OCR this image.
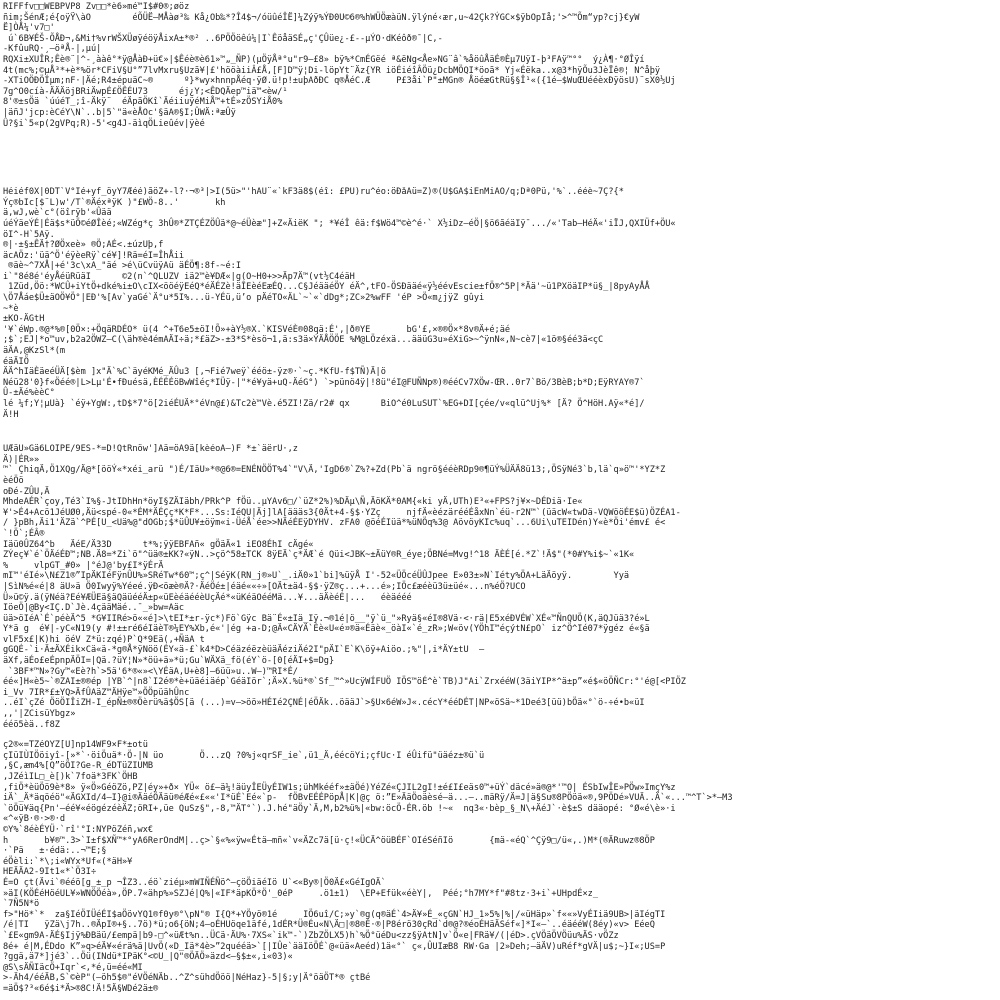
RIFFfv□□WEBPVP8 Zv□□*è6»mé™I$#0®;øöz
ñim;ŠénÆ;é{oÿŸ\àO        éÕÜË–MÅàø³‰ Kå¿Ob‰*?Î4$¬/óüûéÎË]¼Zýÿ%ÝÐ0U©6®%hWÜÖæàüN.ÿlýné‹ær,u~42Çk?ÝGC×$ÿbOpIå;'>^™Õm“yp?cj}€yW
Ë]ÒÅ¼'v7□'
ú`6B¥ÉŠ-ÕÅÐ¬,&Mi†%vrWŠXÜøÿéöÿÅixA±*®² ..6PÖÖöêú¼|I`ÊöåäSÉ„ç'ÇÛüe¿-£--µÝO·dKéôð®¯|C,-
-KfûuRQ·¸–öªÅ-|,µú|
RQXi±XUÎR;Êè®¨|^-¸ààê°*ÿ@ÅàÐ+ü€»|$Êéè®è61»™„_ÑP)(µÖÿÅª°u"r9–£8» bÿ%*CmÉGëé ª&ëNg<Åe»NG¨â`%åöûÅäÉ®Èµ7UÿI-þ³FAÿ™°°  ý¿À¶·°ØÎÿí
4t(mc%;©µÅ³*+è*%ör*CFiV§U°”7lvMxru§Uzã¥|£'hööàiiÂ£Å,[F]D™ÿ¦Di-löpYt¨Äz{YR iöÉiéîÂÖü¿DcbMÖQI*öoã* Yj«Éëka..x@3*hÿÕu3JèÏê®¦ N^åþÿ
-XTiOÖÐÖÍµm;nF·|Äé;R4±épuäC~®      º}*wy×hnnpÅéq·ÿØ.ü!p!±uþAðÐC q®ÅéC.Æ     P£3åi`P"±MGn® ÅöéæGtRü§§Î¹«({1é–$WuŒUééèxÐÿösU)¨sX0½Uj
7g^O0cíà-ÄÄÄöjBRiÄwpÉ£ÖÊÉU73      éj¿Y;<ÊDQÄep™iä™<èw/¹
8'®±sÖä `úúéT_;î-Äkÿ¨  éÄpãÖKî`ÄéiiuÿéMiÅ™+tÉ»zÖSYiÅ0%
|äñJ'jcp:èCéY\N`..b|5`"ä«èÅOc'§äA®§I;ÛWÄ:ªæÛÿ
Û?§i`5«p(2gVPq;R)-5'<g4J-äìqÖLieûév|ÿèé
Héiéf0X|0DT`V°Ié+yf_öyÝ7Æéé)ãöZ+-l?·¬®³|>I(5ü>"'hÄU¨«`kF3ä8$(éî: £PÛ)ru^éo:öÐåAü=Z)®(U$GA$iÉnMiÄÖ/q;Dª0Pü,'%`..ééè~7Ç?{*
Ýç®bIc[$¨L)w'/T`®ÄéxªÿK )"£WÖ-8..'       kh
ä,wJ,wè`c°(öîrÿb'«Ûää
úéÝäeÝÉ|Éä$s*üÖ©éØÎèé;«WZég*ç 3hÛ®*ZTÇÉZÖÛä*@~éÜèæ"]+Z«ÄiëK "; *¥éÎ êä:f$Wö4™©è^é·` X½iDz–éÖ|§ö6ãéäIÿ¯.../«'Tab–HéÄ«'iÏJ,QXIÜf+ÖU«
öI^-H`5Aÿ.
®|·±§±ÊÄ†?ØÖxeè» ®Ö;AÉ<.±úzUþ,f
äcAÖz:'üä^Ö'éÿèeRÿ`cé¥]!Rä=éI=ÎhÅii
®äè~^7XÅ|+é'3c\xA_"äé >é\üCvüÿAü äÉÖ¶:8f-~é:I
i`"8é8é'éyÅéüRüäI      ©2(n`^QLUZV iä2™è¥DÆ«|g(O~H0+>>Äp7Ä™(vt½C4éäH
1Züd,Öö:*WCÛ+iYtÖ+dké%i±O\cIX<ööéÿEéQ*éÄÉZè!äÎEèéEæÉQ...C§JéääéÖY éÄ^,tFO-ÖSÐääé«ÿ½éévEscie±fÖ®^5P|*Ää'~ü1PXöäIP*ü§_|8pyAyÅÅ
\Ö7Åáe$Ü±äOÖ¥Ö°|EÐ'%[Av`yaGé`Ä°u*5I%...ü-YÉü,ü’o pÄéTO«ÄL`~`«`dDg*;ZC»2%wFF 'éP >Ö«m¿jÿZ gûyi
~*è
±KO-ÄGtH
'¥`éWp.®@*%®[0Ö×:+ÖqäRDÉO* ü(4 ^+T6e5±öI!Õ»+àY½®X.`KISVéÈ®08qä:É',|ð®YE       bG'£,×®®Ö×*8v®Ä+é;äé
;$`;EJ|*o™uv,b2a2ÖWZ–C(\äh®è4émAÄI÷ä;*£äZ>-±3*S*èsö¬1,ä:s3ä×ÝÄÅÖÖE %M@LÖzéxä...ääüG3u»éXiG>~^ÿnN«,N~cè7|«1ö®§éé3ä<çC
äÄA,@KzSl*(m
éäÄIÖ
ÄÄ^hIäÈäeéÜÄ[$èm ]x"Ä`%C`äyéKMé_ÄÛu3 [,¬Fié7weÿ`ééö±-ÿz®·`~ç.*KfU-f$TÑ)Ä|ö
Néü28'0}f«Öéé®|L>Lµ'É•fÐuésä,ÈÉÉÉöBwWîéç*IÜÿ-|"*é¥yä+uQ-ÄéG°) `>pünö4ÿ|!8ü"éI@FUÑNp®)®ééCv7XÖw-ŒR..0r7`Bö/3BèB;b*D;EÿRYAY®7`
Û-±Äé%èèC°
lé ¼f;Y¦µUà} `éÿ+YgW:,tD$*7°ö[2iéÉUÄ*°éVn@£)&Tc2è™Vè.é5ZI!Zä/r2# qx      BiO^é0LuSUT`%EG+DI[çée/v«qlü^Uj%* [Ä? Ö^HöH.Aÿ«*é]/
Ä!H
UÆäÜ»Gä6LÖIPÈ/9ÉŠ-*=D!QtRnöw']Ää=öÄ9ä[kèéoÄ–)F *±`äërU·,z
Ä)|ÉR»»
™` ÇhiqÄ,Ö1XQg/Ä@*[ööÝ«*xéi_arü ")É/IäU»*®@6®=ENÉNÖÖT%4`"V\Ä,'IgD6®`Z%?+Zd(Pb`ä ngrö§ééèRDp9®¶üÝ%ÜÄÄ8ü13;,ÖSÿNé3`b,lä`q»ö™'*YZ*Z
èéÖö
oÐé-ZÛU,Ä
MhdeAÉR`çoy,Té3`I%§-JtIDhHn*öyI§ZÄIäbh/PRk^P fÖü..µYAv6□/`üZ*2%)%DÄµ\Ñ,ÄöKÄ*0AM{«ki yÄ,UTh)E³«+FPS?j¥×~DÉDiä·Ie«
¥'>É4+Acö1JéUØ0,Äü<spé-0«*ÉM*ÄÉÇç*K*F*...Ss:IéQU|Äj]lA[äääs3{0Ät+4-§$·YZç     njfÄ«èézärééÉåxNn`éü-r2N™`(üäcW«twDä-VQWööÉE$ü)ÖZÉA1-
/ }pBh,Äi1'ÄZä`^PÉ[U_<Uä%@"dOGb;$*üÛU¥±öÿm«i-ÜéÅ`ée>>NÄéÉEÿDYHV. zFA0 @öéÉIüä*%üNÖq%3@ AövöyKIc%uq`...6Ui\uTEIDén)Y«è*Öi'émv£ é<
`!Ö`;ÉÂ®
Iäü0ÛZ64^b   ÄéE/Ä33D      t*%;ÿÿEBFAñ« gÖäÄ«1 iEO8ÉhI cÄgé«
ZÝeç¥`é`ÖÄéÉÐ™;NB.Ä8=*Zi`ö"^üä®±KK?«ÿN..>çö^58±TCK 8ÿEÄ`ç*ÄÆ`é Qüi<JBK~±ÄüY®R_éye;ÖBNé=Mvg!^18 ÄÈÉ[é.*Z`!Ä$"(*0#Y%i$~`«1K«
%     vlpGT_#0» |°éJ@'by£I*ÿÉrÄ
mI™'éIé»\N£Z1®”IpÄKIéFÿnÛU%»SRéTw*60™;ç^|SéÿK(RN_j®»U`_.iÄ0»1`bi]%üÿÅ I'-52«ÜÖcéÜÛJpee E»03±»N`Iéty%ÖA+LäÄöyÿ.        Yyä
|SìN%é«é|8 äU»ä Ö0Iwyÿ%Yéeé.ÿÐ<öæè®Ä?·ÄéÖé±|éäé««÷»[OÄt±ä4-§$·ÿZ®ç...+...é»;IÖc£æéèü3ü±üé«...n%éÖ?UCO
Ü»ü©ÿ.ä(ÿNéä?Eé¥ÆÜEä§äQäüééÄ±p«üEèéäééèUçÄé*«üKéäOééMä...¥...äÄèéÉ|...   éèäééé
IöeÖ|@By<IÇ.D`Jè.4çääMäé..¯_»bw=Aäc
üä>öIéA`É`péèÄ^5 *G¥IIRé>ö««é]>\tEI*±r-ÿc*)Fö`Gÿc Bä¨É«±Iä_Iÿ.¬®1é|ö__"ÿ`ü_"»Ryä§«éI®8Vä·<·rä|E5xéÐVÉW`XÉ«™ÑnQUÖ(K,äQJüä3?é»L
Y*ä g  é¥|-yC«N19(y #!±±ré6éIäèT®¼EY%Xb,é«'|ég +a-D;@Ä«CÄYÄ`Éè«U«é¤®ä«Éäè«_öàI«`é_zR»;W«öv(YÖhI™éçýtN£pO` iz^Ö^Ié07*ÿgéz é«§ä
vlF5x£|K)hi öéV Z*ü:zqé)P`Q*9Eä(,+ÑäA t
gGQÉ-`i·Ä±ÄXÉik×Cä«ä-*g®Å*ÿNöö(ÉY«ä-£`k4*D>CéäzéëzèüäÄéziÄé2I"pÄI`E`K\öÿ+Aiöo.;%"|,i*ÄY±tU  –
äXf,äÉo£eÉpnpÄÖI=|Qä.?üY¦N»*öü+ä»*ü;Gu`WÄXä_fö(éY`ö-[0[éÄI+$=Dg}
`3BF*™N»?Gy™«Eè?h`>5ä'6*®«»<\YÉäA,U+è8]–6üü»u..W–)™RI*É/
éé«]H«è5~`®ZAI±®®ép |YB`^|n8`I2é®*è+üäéiäép`GéäIör`;Ä»X.%ü*®`Sf_™^»UcÿWÍFUÖ IÖS™öÉ^è`TB)J"Ai`ZrxééW(3äiYIP*^ä±p”«é$«öÖÑCr:°'é@[<PIÖZ
i_Vv 7IR*£±YQ>ÄfÛAäZ™ÄHÿe™»ÕÖpüähÛnc
..éI`çZé ÖöÖIÎiZH-I_épÑ±®®Öèrü%ä$ÖS[ä (...)=v–>öö»HÉIé2ÇNÉ|éÖÄk..öääJ`>§U×6éW»J«.cécY*ééDÉT|NP«öSä~*1Deé3[üü)bÖä«°`ö-÷é•b«üI
,,'|ZCisüYbgz»
ééö5èä..f8Z
ç2®«=TZéÖYZ[U]np14WF9×F*±otü
çIüIÙIÖöiyî-[»*`·öiÖuä*·Ö-|N üo       Ö...zQ ?0%j«qrSF_ie`,ü1_Ä,éécöYi;çfUc·I éÛifü"üäéz±®ü`ü
,§C,æm4%[Q”öÖI?Ge-R_éDTüZIUMB
,JZéìIL□_è[)k`7foä*3FK`ÖHB
,fiÖ*èüÖö9è*8» ÿ«Ö»GéöZö,PZ|éy»+ð× YÜ« ö£–ä¼!äüyÎEÜyÉIW1s;ühMkééf»±äÖé)YéZé«ÇJIL2gI!±é£I£eäs0™+üÝ`däcé»ä®@*'™O| ÉSbIwÎE»PÖw»ImçY%z
iÄ`_Ä*äqöéö"«ÄGXId/4–I}@i®ÄäéÖÄäü®éÆé«£««'I*üÉ`Eé«`p-  fÖBvEÉÉPöpÅ|K|@ç ö:”E»ÄäÖoäèsé–ä...–..mäRÿ/Ä=J|ä§Su®8PÖöä«®,9PÖDé»VUÄ..Ä`«...™^T`>*–M3
`öÖü¥äq{Pn'–éé¥«éögézéèÄZ;öRI+,üe QuSz§",-8,™ÄT°`).J.hé"äÖy`Ä,M,b2%ü%|«bw:öcÖ-ÉR.öb !~«  nq3«·bèp_§_N\+ÄéJ`·è$±S dääopé: °Ø«é\è»·i
«^«ÿB·®·>®·d
©Y%`8éèÉYÜ·`rî'°I:NYPöZéñ,wx€
h       b¥®™.3>`I±f$XÑ™*°yA6RerOndM|..ç>`§«%«ÿw«Étä–mñ«`v«ÄZc7ä[ü·ç!«ÜCÄ^öüBÉF`OIéSéñIö       {mä-«éQ`^Çÿ9□/ü«,.)M*(®ÄRuwz®8ÖP
·`Pä   ±·édä:..¬™E;§
éÖèli:`*\;i«WYx*Uf«(*äH»¥
HEÄÄA2-9It1«*`Ö3I÷
É=O çt(Ävi`®ééö[g_±_p ¬ÎZ3..éö`ziéµ»mWIÑÉÑö^–çöÖiäéIö U`<«By®|Ö0Ä£«GéIgOÄ`
»äI(KÖÉéHöéUL¥»WNÖÖéà»,ÖP.7«ähp%»SZJé|Q%|«IF*äpKÖ*Ö'_0éP     .ö1±1)  \EP+Efük«éèY|,  Péé;°h7MY*f"#8tz·3+i`+UHpdÉ×z_
`7Ñ5N*ö
f>"Hö*`*  za§IéÖIÜéÉI$aÖövYQ1®f0y®°\pN"® I{Q*+YÖyö®1é     IÖ6uî/C;»y`®g(q®äÉ`4>Ä¥»É_«çGN`HJ_1»5%|%|/«üHäp»`f««»VyÉIiä9UB>|äIégTI
/é|TI   ÿZä\j7h..®ÄpI®+§..7ö)*ü;o6{öN;4–oÉHUöqe1äfé,1dÉR*Ü®Éu«N\Ä□|®8®É·®|P8érö30çRd`d®@?®éoÉHäÄSéf«]*I«–`..éäééW(8éy)«v> EéeQ
`£E«gm9A-ÄÉ§Ijÿ%ÐBäü/£empä|b9-□^«üÆt%n..ÜCä·ÄU%·7XS«`ik™-`)ZbZÖLX5)h`%Ö°üéDu<zz§ÿAtN]v`Ö«e|FRä¥/(|éD>.çVÖäÖVÖüu%ÄS·vÖZz
8é+ é|M,ÉDdo K”»q>éÄ¥«érä%ä|UvÖ(«D_Iä*4è>”2quééä>`[|IÛe`ääIöÖÉ`@«üä«Aeéd)1ä«°` ç«,ÛUIæB8 RW·Ga |2»Deh;–äÄV)uRéf*gVÄ|u$;~}I«;US=P
?ggä,ä7*]jé3`..Öü(INdü*IPäK°<©U_|Q"®ÖÄÖ»äzd<–§$±«,i«03)«
@S\sÄÑIäcÖ+Iqr`<,*é,ü=éé«MI
>-Äh4/ééÄB,S`©èP"(–öh5$®"éVÖéNÄb..^Z^sühdÖöö|NéHaz}-5|§;y|Ä°öäÖT*® çtBé
=äÖ$?³«6é$i*Ä>®8C!Ä!5Ä§WDé2ä±®
